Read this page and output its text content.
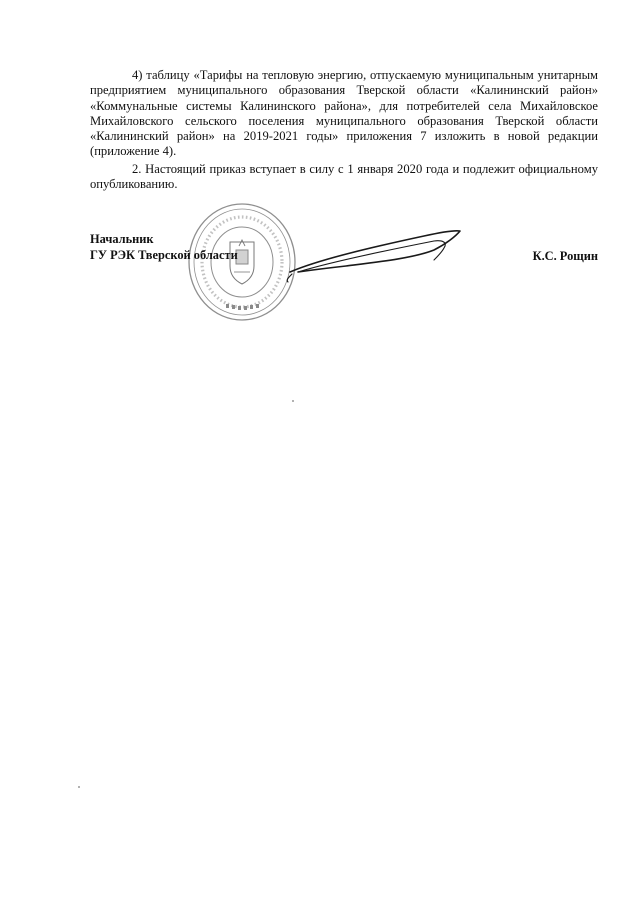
4) таблицу «Тарифы на тепловую энергию, отпускаемую муниципальным унитарным предприятием муниципального образования Тверской области «Калининский район» «Коммунальные системы Калининского района», для потребителей села Михайловское Михайловского сельского поселения муниципального образования Тверской области «Калининский район» на 2019-2021 годы» приложения 7 изложить в новой редакции (приложение 4).

2. Настоящий приказ вступает в силу с 1 января 2020 года и подлежит официальному опубликованию.

Начальник
ГУ РЭК Тверской области	К.С. Рощин
